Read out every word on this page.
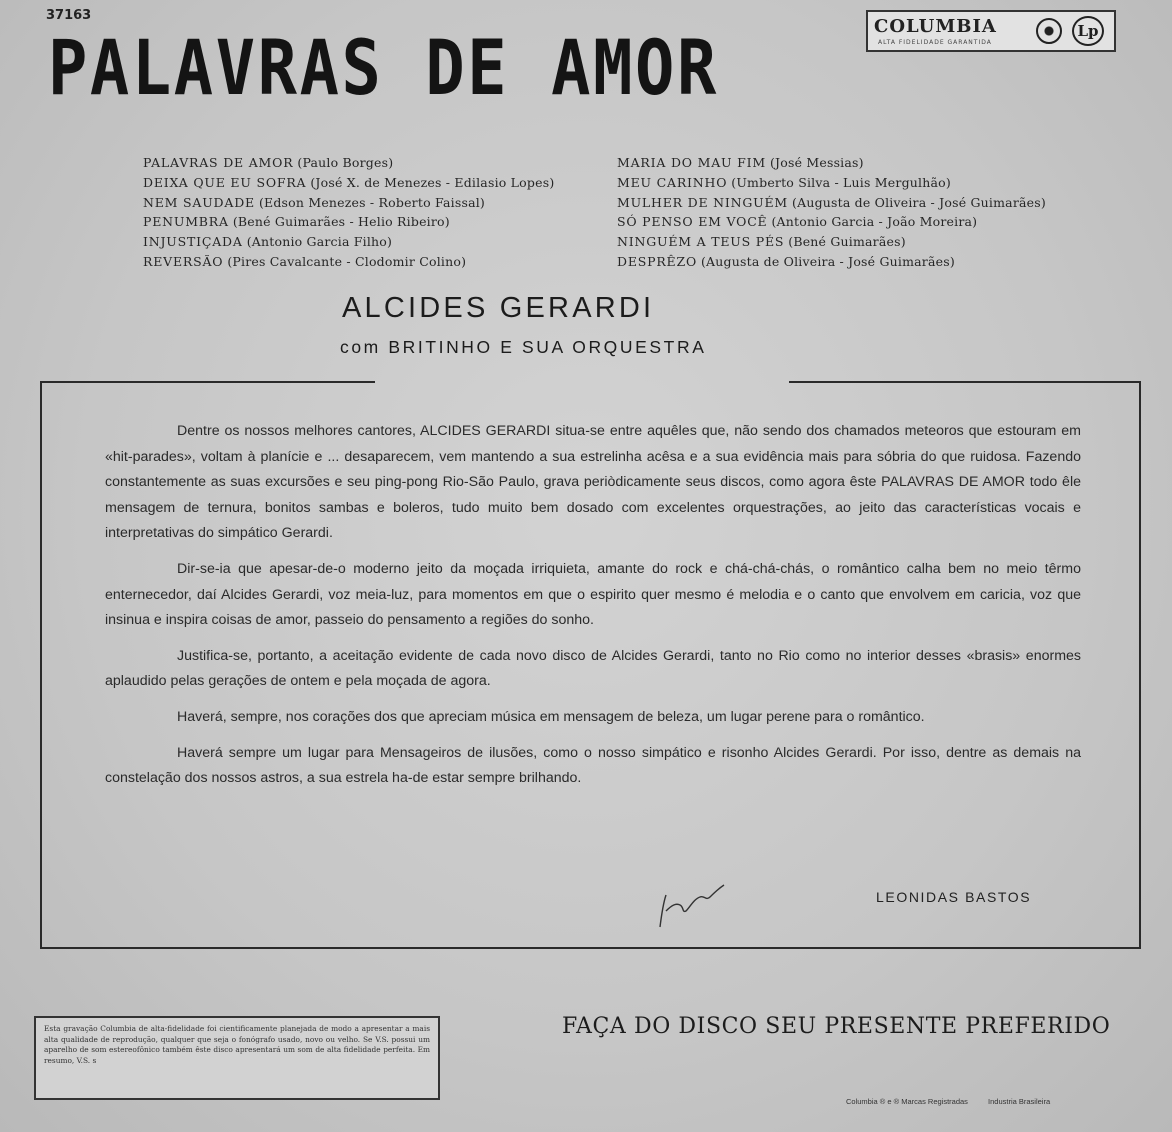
37163
PALAVRAS DE AMOR	COLUMBIA
ALTA FIDELIDADE GARANTIDA
Lp
PALAVRAS DE AMOR (Paulo Borges)
DEIXA QUE EU SOFRA (José X. de Menezes - Edilasio Lopes)
NEM SAUDADE (Edson Menezes - Roberto Faissal)
PENUMBRA (Bené Guimarães - Helio Ribeiro)
INJUSTIÇADA (Antonio Garcia Filho)
REVERSÃO (Pires Cavalcante - Clodomir Colino)
MARIA DO MAU FIM (José Messias)
MEU CARINHO (Umberto Silva - Luis Mergulhão)
MULHER DE NINGUÉM (Augusta de Oliveira - José Guimarães)
SÓ PENSO EM VOCÊ (Antonio Garcia - João Moreira)
NINGUÉM A TEUS PÉS (Bené Guimarães)
DESPRÊZO (Augusta de Oliveira - José Guimarães)
ALCIDES GERARDI
com BRITINHO E SUA ORQUESTRA

Dentre os nossos melhores cantores, ALCIDES GERARDI situa-se entre aquêles que, não sendo dos chamados meteoros que estouram em «hit-parades», voltam à planície e ... desaparecem, vem mantendo a sua estrelinha acêsa e a sua evidência mais para sóbria do que ruidosa. Fazendo constantemente as suas excursões e seu ping-pong Rio-São Paulo, grava periòdicamente seus discos, como agora êste PALAVRAS DE AMOR todo êle mensagem de ternura, bonitos sambas e boleros, tudo muito bem dosado com excelentes orquestrações, ao jeito das características vocais e interpretativas do simpático Gerardi.

Dir-se-ia que apesar-de-o moderno jeito da moçada irriquieta, amante do rock e chá-chá-chás, o romântico calha bem no meio têrmo enternecedor, daí Alcides Gerardi, voz meia-luz, para momentos em que o espirito quer mesmo é melodia e o canto que envolvem em caricia, voz que insinua e inspira coisas de amor, passeio do pensamento a regiões do sonho.

Justifica-se, portanto, a aceitação evidente de cada novo disco de Alcides Gerardi, tanto no Rio como no interior desses «brasis» enormes aplaudido pelas gerações de ontem e pela moçada de agora.

Haverá, sempre, nos corações dos que apreciam música em mensagem de beleza, um lugar perene para o romântico.

Haverá sempre um lugar para Mensageiros de ilusões, como o nosso simpático e risonho Alcides Gerardi. Por isso, dentre as demais na constelação dos nossos astros, a sua estrela ha-de estar sempre brilhando.

LEONIDAS BASTOS
Esta gravação Columbia de alta-fidelidade foi cientificamente planejada de modo a apresentar a mais alta qualidade de reprodução, qualquer que seja o fonógrafo usado, novo ou velho. Se V.S. possui um aparelho de som estereofônico também êste disco apresentará um som de alta fidelidade perfeita. Em resumo, V.S. s
FAÇA DO DISCO SEU PRESENTE PREFERIDO
Columbia ® e ® Marcas Registradas	Industria Brasileira
